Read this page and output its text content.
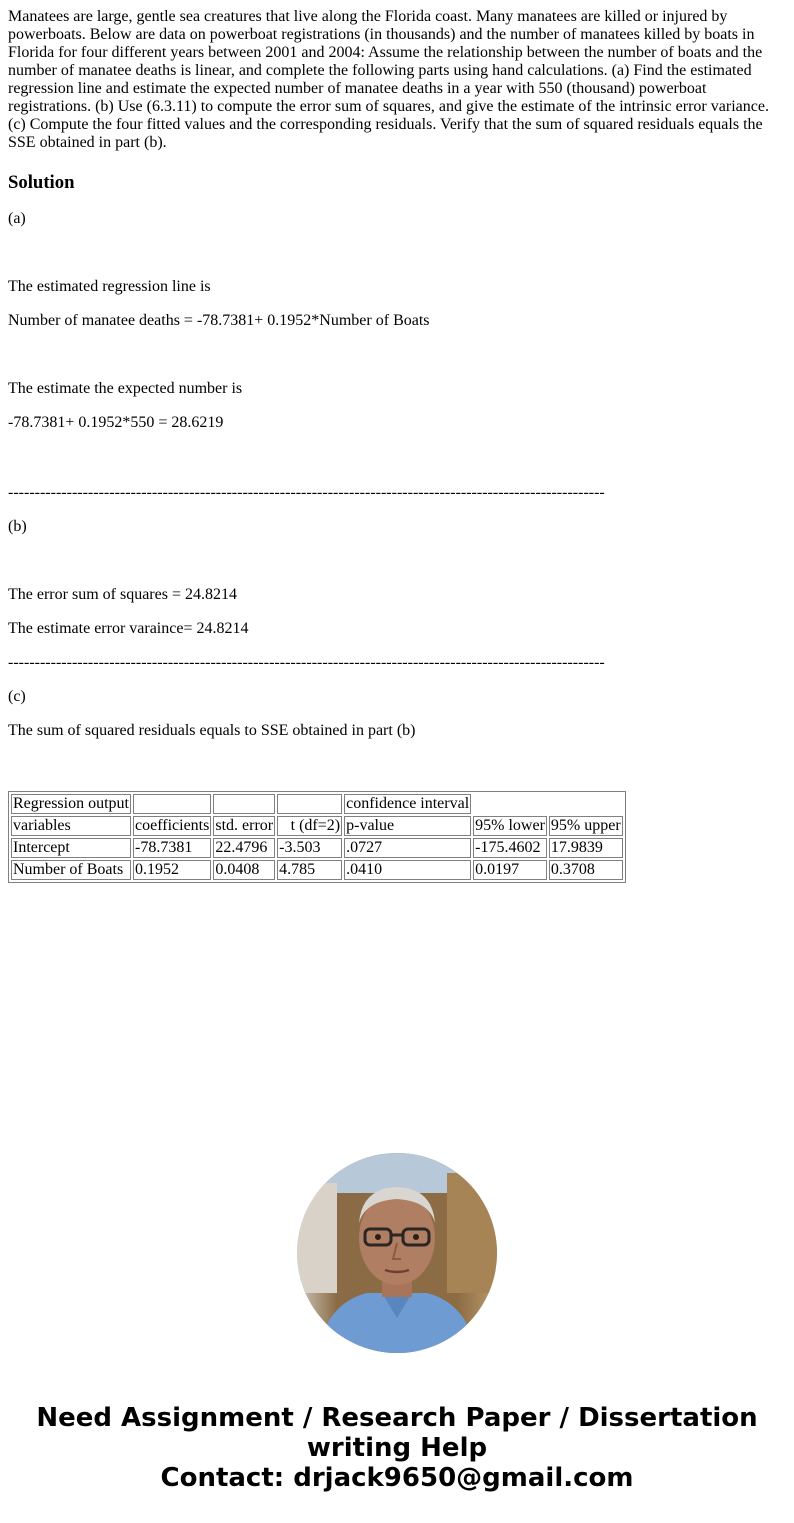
Manatees are large, gentle sea creatures that live along the Florida coast. Many manatees are killed or injured by powerboats. Below are data on powerboat registrations (in thousands) and the number of manatees killed by boats in Florida for four different years between 2001 and 2004: Assume the relationship between the number of boats and the number of manatee deaths is linear, and complete the following parts using hand calculations. (a) Find the estimated regression line and estimate the expected number of manatee deaths in a year with 550 (thousand) powerboat registrations. (b) Use (6.3.11) to compute the error sum of squares, and give the estimate of the intrinsic error variance. (c) Compute the four fitted values and the corresponding residuals. Verify that the sum of squared residuals equals the SSE obtained in part (b).

Solution

(a)

The estimated regression line is

Number of manatee deaths = -78.7381+ 0.1952*Number of Boats

The estimate the expected number is

-78.7381+ 0.1952*550 = 28.6219

----------------------------------------------------------------------------------------------------------------

(b)

The error sum of squares = 24.8214

The estimate error varaince= 24.8214

----------------------------------------------------------------------------------------------------------------

(c)

The sum of squared residuals equals to SSE obtained in part (b)

Regression output				confidence interval		
variables	coefficients	std. error	t (df=2)	p-value	95% lower	95% upper
Intercept	-78.7381	22.4796	-3.503	.0727	-175.4602	17.9839
Number of Boats	0.1952	0.0408	4.785	.0410	0.0197	0.3708
Need Assignment / Research Paper / Dissertation
writing Help
Contact: drjack9650@gmail.com
